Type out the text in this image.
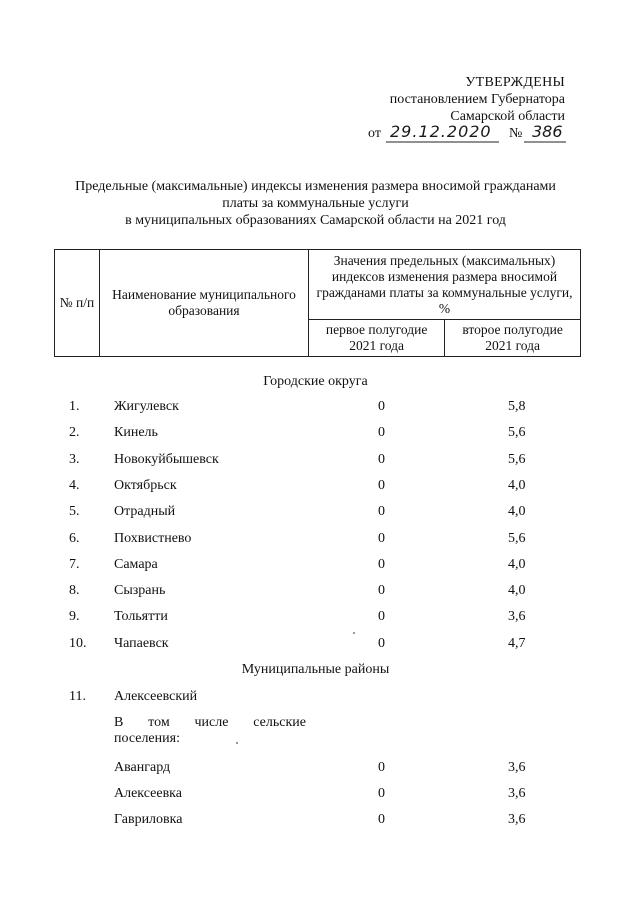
УТВЕРЖДЕНЫ
постановлением Губернатора
Самарской области
от 29.12.2020 № 386
Предельные (максимальные) индексы изменения размера вносимой гражданами
платы за коммунальные услуги
в муниципальных образованиях Самарской области на 2021 год
№ п/п	Наименование муниципального образования	Значения предельных (максимальных) индексов изменения размера вносимой гражданами платы за коммунальные услуги, %	
		первое полугодие 2021 года	второе полугодие 2021 года
Городские округа
1. Жигулевск	0	5,8
2. Кинель	0	5,6
3. Новокуйбышевск	0	5,6
4. Октябрьск	0	4,0
5. Отрадный	0	4,0
6. Похвистнево	0	5,6
7. Самара	0	4,0
8. Сызрань	0	4,0
9. Тольятти	0	3,6
10. Чапаевск	0	4,7
Муниципальные районы
11. Алексеевский
В том числе сельские
поселения:
Авангард	0	3,6
Алексеевка	0	3,6
Гавриловка	0	3,6
